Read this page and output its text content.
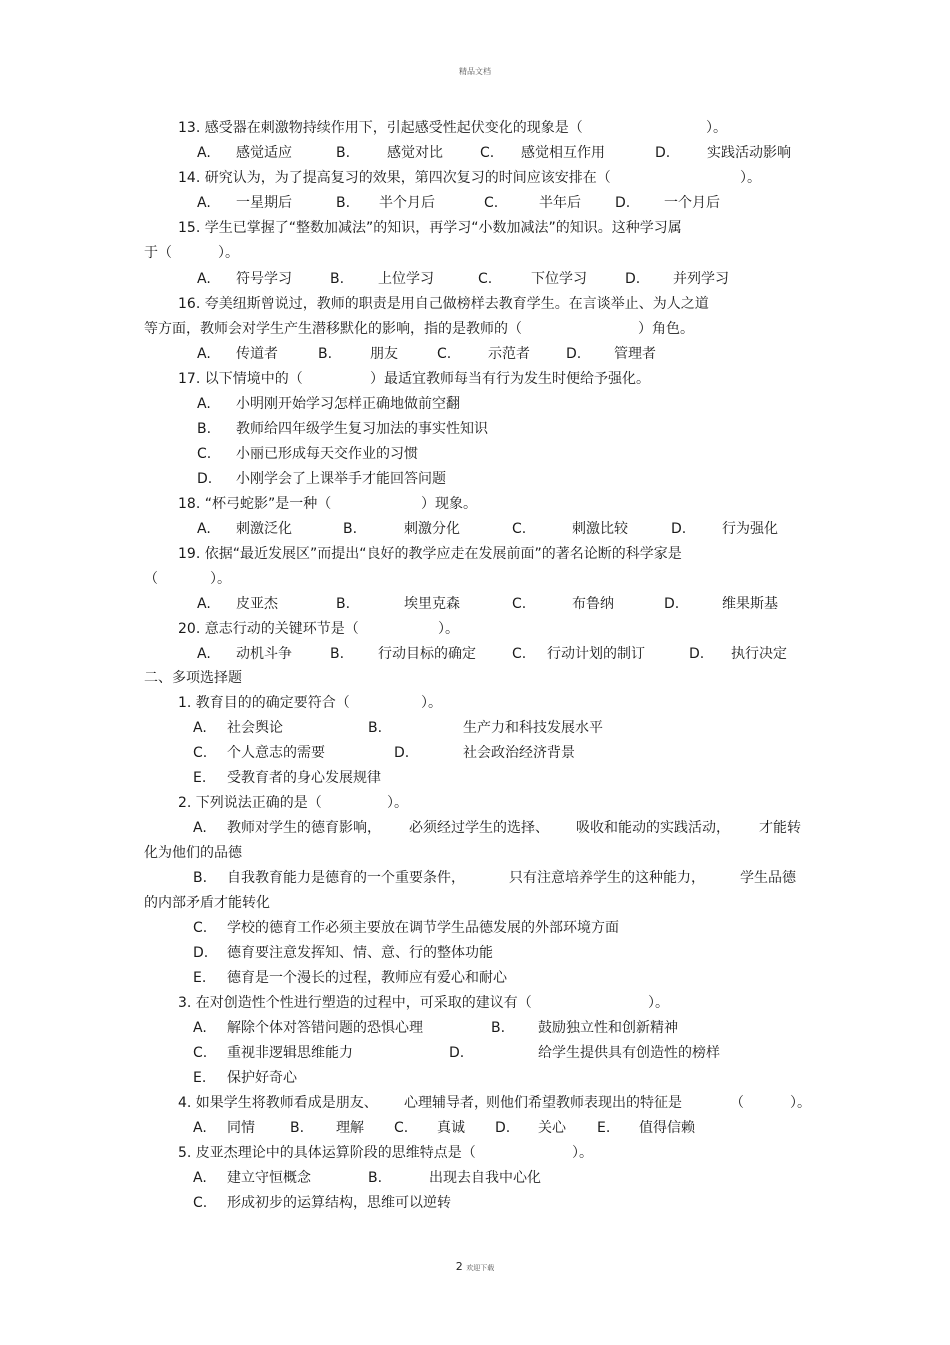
精品文档
13. 感受器在刺激物持续作用下，引起感受性起伏变化的现象是（	）。
A. 感觉适应	B.	感觉对比	C. 感觉相互作用	D.	实践活动影响
14. 研究认为，为了提高复习的效果，第四次复习的时间应该安排在（	）。
A. 一星期后	B. 半个月后	C.	半年后 D. 一个月后
15. 学生已掌握了“整数加减法”的知识，再学习“小数加减法”的知识。这种学习属
于（	）。
A. 符号学习	B. 上位学习	C.	下位学习	D. 并列学习
16. 夸美纽斯曾说过，教师的职责是用自己做榜样去教育学生。在言谈举止、为人之道
等方面，教师会对学生产生潜移默化的影响，指的是教师的（	）角色。
A. 传道者	B.	朋友	C.	示范者	D. 管理者
17. 以下情境中的（	）最适宜教师每当有行为发生时便给予强化。
A. 小明刚开始学习怎样正确地做前空翻
B. 教师给四年级学生复习加法的事实性知识
C. 小丽已形成每天交作业的习惯
D. 小刚学会了上课举手才能回答问题
18. “杯弓蛇影”是一种（	）现象。
A. 刺激泛化	B.	刺激分化	C.	刺激比较	D.	行为强化
19. 依据“最近发展区”而提出“良好的教学应走在发展前面”的著名论断的科学家是
（	）。
A. 皮亚杰	B.	埃里克森	C.	布鲁纳	D.	维果斯基
20. 意志行动的关键环节是（	）。
A. 动机斗争	B. 行动目标的确定	C. 行动计划的制订	D. 执行决定
二、多项选择题
1. 教育目的的确定要符合（	）。
A. 社会舆论	B.	生产力和科技发展水平
C. 个人意志的需要	D.	社会政治经济背景
E. 受教育者的身心发展规律
2. 下列说法正确的是（	）。
A. 教师对学生的德育影响， 必须经过学生的选择、 吸收和能动的实践活动， 才能转
化为他们的品德
B. 自我教育能力是德育的一个重要条件，	只有注意培养学生的这种能力，	学生品德
的内部矛盾才能转化
C. 学校的德育工作必须主要放在调节学生品德发展的外部环境方面
D. 德育要注意发挥知、情、意、行的整体功能
E. 德育是一个漫长的过程，教师应有爱心和耐心
3. 在对创造性个性进行塑造的过程中，可采取的建议有（	）。
A. 解除个体对答错问题的恐惧心理	B. 鼓励独立性和创新精神
C. 重视非逻辑思维能力	D.	给学生提供具有创造性的榜样
E. 保护好奇心
4. 如果学生将教师看成是朋友、 心理辅导者，
则他们希望教师表现出的特征是	（	）。
A. 同情	B. 理解 C. 真诚 D. 关心 E. 值得信赖
5. 皮亚杰理论中的具体运算阶段的思维特点是（	）。
A. 建立守恒概念	B.	出现去自我中心化
C. 形成初步的运算结构，思维可以逆转
2 欢迎下载
